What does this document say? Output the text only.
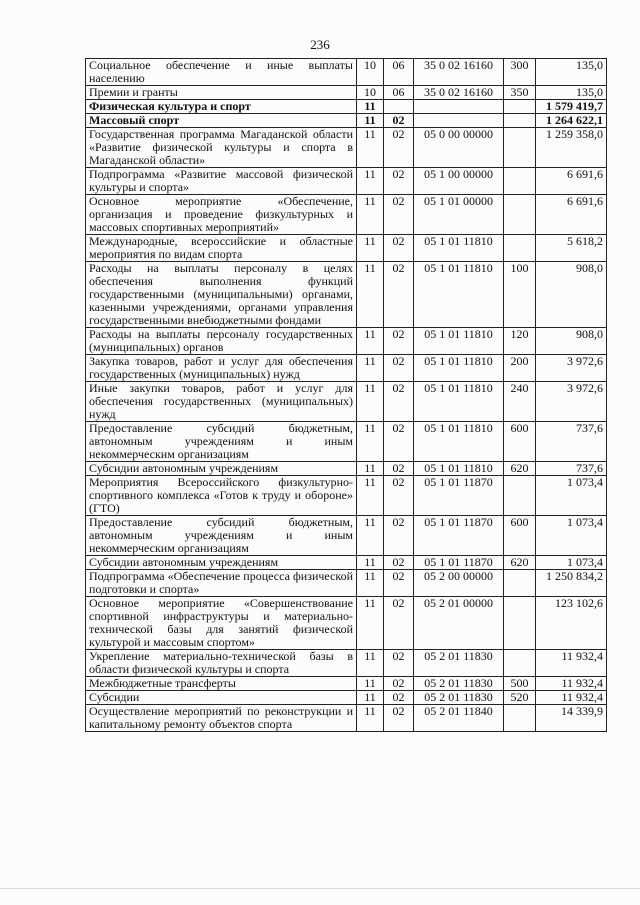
236
Социальное обеспечение и иные выплаты населению	10	06	35 0 02 16160	300	135,0
Премии и гранты	10	06	35 0 02 16160	350	135,0
Физическая культура и спорт	11				1 579 419,7
Массовый спорт	11	02			1 264 622,1
Государственная программа Магаданской области «Развитие физической культуры и спорта в Магаданской области»	11	02	05 0 00 00000		1 259 358,0
Подпрограмма «Развитие массовой физической культуры и спорта»	11	02	05 1 00 00000		6 691,6
Основное мероприятие «Обеспечение, организация и проведение физкультурных и массовых спортивных мероприятий»	11	02	05 1 01 00000		6 691,6
Международные, всероссийские и областные мероприятия по видам спорта	11	02	05 1 01 11810		5 618,2
Расходы на выплаты персоналу в целях обеспечения выполнения функций государственными (муниципальными) органами, казенными учреждениями, органами управления государственными внебюджетными фондами	11	02	05 1 01 11810	100	908,0
Расходы на выплаты персоналу государственных (муниципальных) органов	11	02	05 1 01 11810	120	908,0
Закупка товаров, работ и услуг для обеспечения государственных (муниципальных) нужд	11	02	05 1 01 11810	200	3 972,6
Иные закупки товаров, работ и услуг для обеспечения государственных (муниципальных) нужд	11	02	05 1 01 11810	240	3 972,6
Предоставление субсидий бюджетным, автономным учреждениям и иным некоммерческим организациям	11	02	05 1 01 11810	600	737,6
Субсидии автономным учреждениям	11	02	05 1 01 11810	620	737,6
Мероприятия Всероссийского физкультурно-спортивного комплекса «Готов к труду и обороне» (ГТО)	11	02	05 1 01 11870		1 073,4
Предоставление субсидий бюджетным, автономным учреждениям и иным некоммерческим организациям	11	02	05 1 01 11870	600	1 073,4
Субсидии автономным учреждениям	11	02	05 1 01 11870	620	1 073,4
Подпрограмма «Обеспечение процесса физической подготовки и спорта»	11	02	05 2 00 00000		1 250 834,2
Основное мероприятие «Совершенствование спортивной инфраструктуры и материально-технической базы для занятий физической культурой и массовым спортом»	11	02	05 2 01 00000		123 102,6
Укрепление материально-технической базы в области физической культуры и спорта	11	02	05 2 01 11830		11 932,4
Межбюджетные трансферты	11	02	05 2 01 11830	500	11 932,4
Субсидии	11	02	05 2 01 11830	520	11 932,4
Осуществление мероприятий по реконструкции и капитальному ремонту объектов спорта	11	02	05 2 01 11840		14 339,9
